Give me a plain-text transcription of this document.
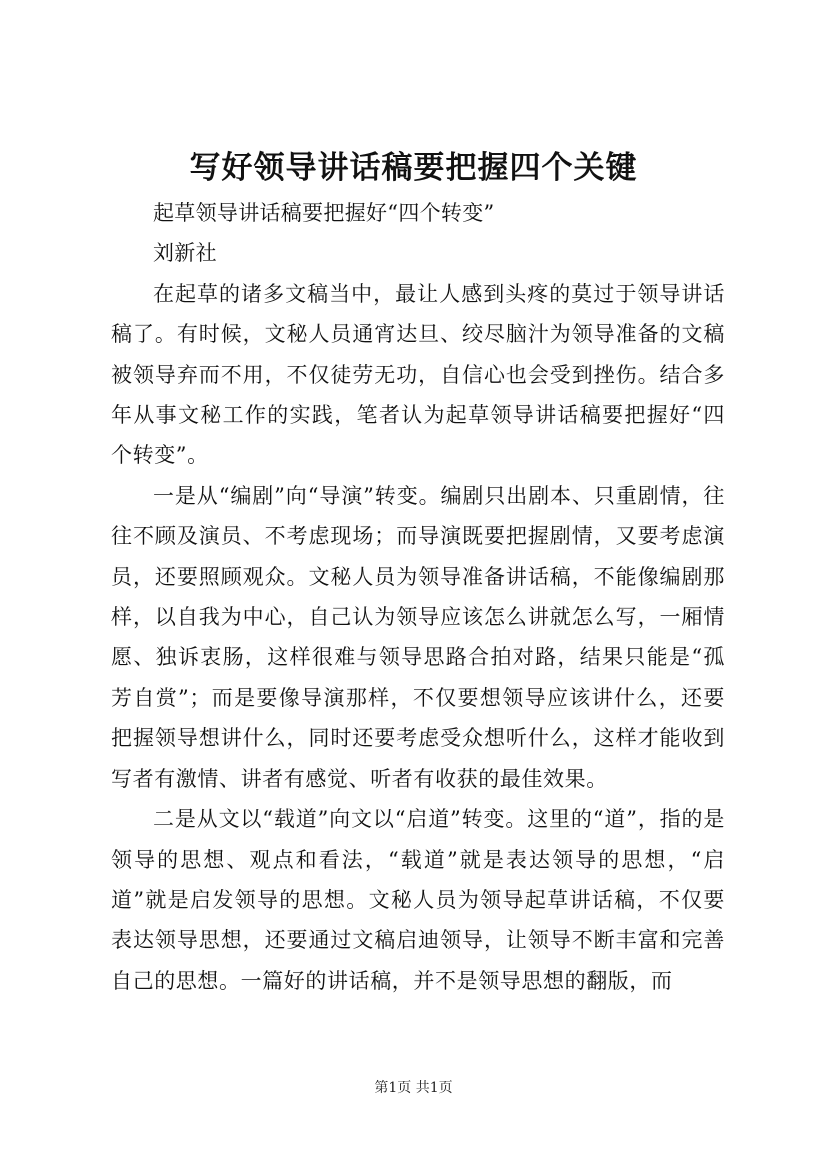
写好领导讲话稿要把握四个关键

起草领导讲话稿要把握好“四个转变”

刘新社

在起草的诸多文稿当中，最让人感到头疼的莫过于领导讲话稿了。有时候，文秘人员通宵达旦、绞尽脑汁为领导准备的文稿被领导弃而不用，不仅徒劳无功，自信心也会受到挫伤。结合多年从事文秘工作的实践，笔者认为起草领导讲话稿要把握好“四个转变”。

一是从“编剧”向“导演”转变。编剧只出剧本、只重剧情，往往不顾及演员、不考虑现场；而导演既要把握剧情，又要考虑演员，还要照顾观众。文秘人员为领导准备讲话稿，不能像编剧那样，以自我为中心，自己认为领导应该怎么讲就怎么写，一厢情愿、独诉衷肠，这样很难与领导思路合拍对路，结果只能是“孤芳自赏”；而是要像导演那样，不仅要想领导应该讲什么，还要把握领导想讲什么，同时还要考虑受众想听什么，这样才能收到写者有激情、讲者有感觉、听者有收获的最佳效果。

二是从文以“载道”向文以“启道”转变。这里的“道”，指的是领导的思想、观点和看法，“载道”就是表达领导的思想，“启道”就是启发领导的思想。文秘人员为领导起草讲话稿，不仅要表达领导思想，还要通过文稿启迪领导，让领导不断丰富和完善自己的思想。一篇好的讲话稿，并不是领导思想的翻版，而

第1页 共1页
